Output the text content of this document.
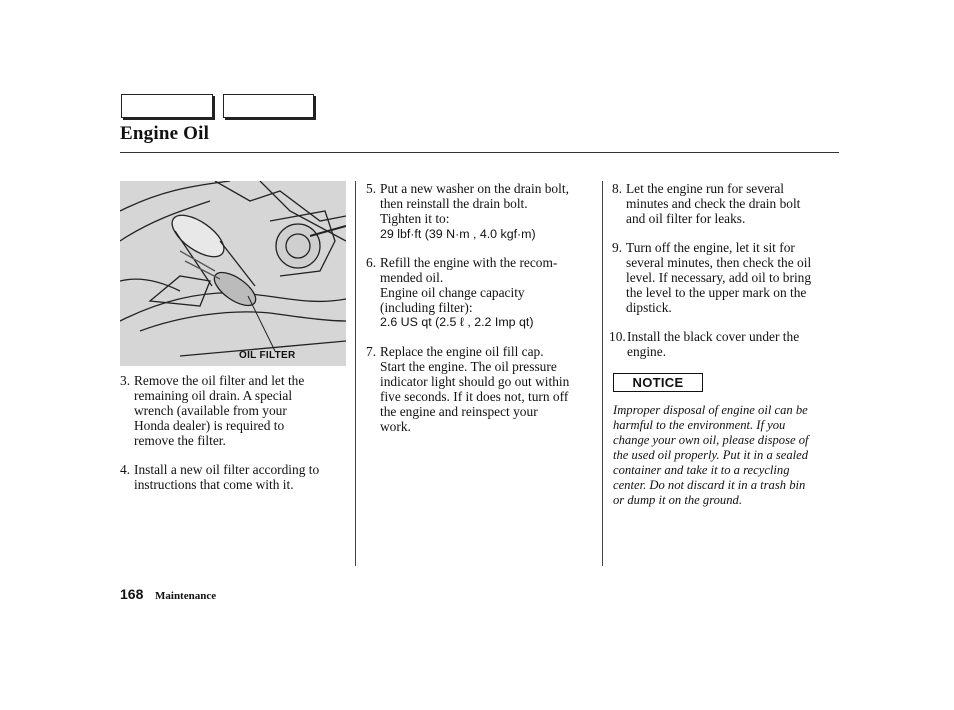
Engine Oil
OIL FILTER
3. Remove the oil filter and let the
remaining oil drain. A special
wrench (available from your
Honda dealer) is required to
remove the filter.
4. Install a new oil filter according to
instructions that come with it.
5. Put a new washer on the drain bolt,
then reinstall the drain bolt.
Tighten it to:
29 lbf·ft (39 N·m , 4.0 kgf·m)
6. Refill the engine with the recom-
mended oil.
Engine oil change capacity
(including filter):
2.6 US qt (2.5 ℓ , 2.2 Imp qt)
7. Replace the engine oil fill cap.
Start the engine. The oil pressure
indicator light should go out within
five seconds. If it does not, turn off
the engine and reinspect your
work.
8. Let the engine run for several
minutes and check the drain bolt
and oil filter for leaks.
9. Turn off the engine, let it sit for
several minutes, then check the oil
level. If necessary, add oil to bring
the level to the upper mark on the
dipstick.
10. Install the black cover under the
engine.
NOTICE
Improper disposal of engine oil can be
harmful to the environment. If you
change your own oil, please dispose of
the used oil properly. Put it in a sealed
container and take it to a recycling
center. Do not discard it in a trash bin
or dump it on the ground.
168 Maintenance
